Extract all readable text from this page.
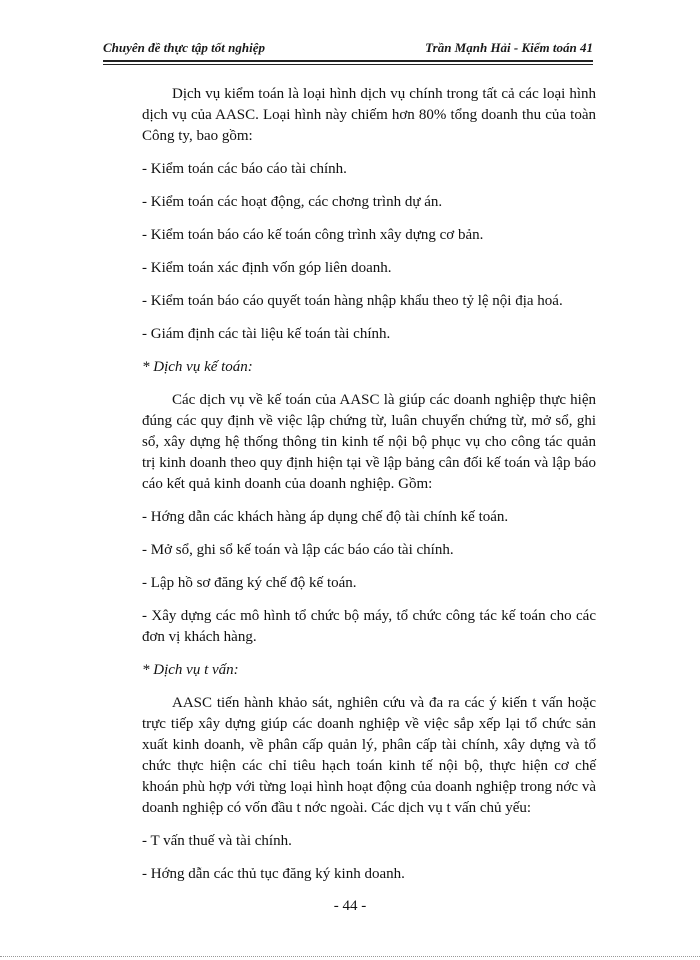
Chuyên đề thực tập tốt nghiệp	Trần Mạnh Hải - Kiểm toán 41

Dịch vụ kiểm toán là loại hình dịch vụ chính trong tất cả các loại hình dịch vụ của AASC. Loại hình này chiếm hơn 80% tổng doanh thu của toàn Công ty, bao gồm:

- Kiểm toán các báo cáo tài chính.

- Kiểm toán các hoạt động, các chơng trình dự án.

- Kiểm toán báo cáo kế toán công trình xây dựng cơ bản.

- Kiểm toán xác định vốn góp liên doanh.

- Kiểm toán báo cáo quyết toán hàng nhập khẩu theo tỷ lệ nội địa hoá.

- Giám định các tài liệu kế toán tài chính.

* Dịch vụ kế toán:

Các dịch vụ về kế toán của AASC là giúp các doanh nghiệp thực hiện đúng các quy định về việc lập chứng từ, luân chuyển chứng từ, mở sổ, ghi sổ, xây dựng hệ thống thông tin kinh tế nội bộ phục vụ cho công tác quản trị kinh doanh theo quy định hiện tại về lập bảng cân đối kế toán và lập báo cáo kết quả kinh doanh của doanh nghiệp. Gồm:

- Hớng dẫn các khách hàng áp dụng chế độ tài chính kế toán.

- Mở sổ, ghi sổ kế toán và lập các báo cáo tài chính.

- Lập hồ sơ đăng ký chế độ kế toán.

- Xây dựng các mô hình tổ chức bộ máy, tổ chức công tác kế toán cho các đơn vị khách hàng.

* Dịch vụ t vấn:

AASC tiến hành khảo sát, nghiên cứu và đa ra các ý kiến t vấn hoặc trực tiếp xây dựng giúp các doanh nghiệp về việc sắp xếp lại tổ chức sản xuất kinh doanh, về phân cấp quản lý, phân cấp tài chính, xây dựng và tổ chức thực hiện các chỉ tiêu hạch toán kinh tế nội bộ, thực hiện cơ chế khoán phù hợp với từng loại hình hoạt động của doanh nghiệp trong nớc và doanh nghiệp có vốn đầu t nớc ngoài. Các dịch vụ t vấn chủ yếu:

- T vấn thuế và tài chính.

- Hớng dẫn các thủ tục đăng ký kinh doanh.

- 44 -
